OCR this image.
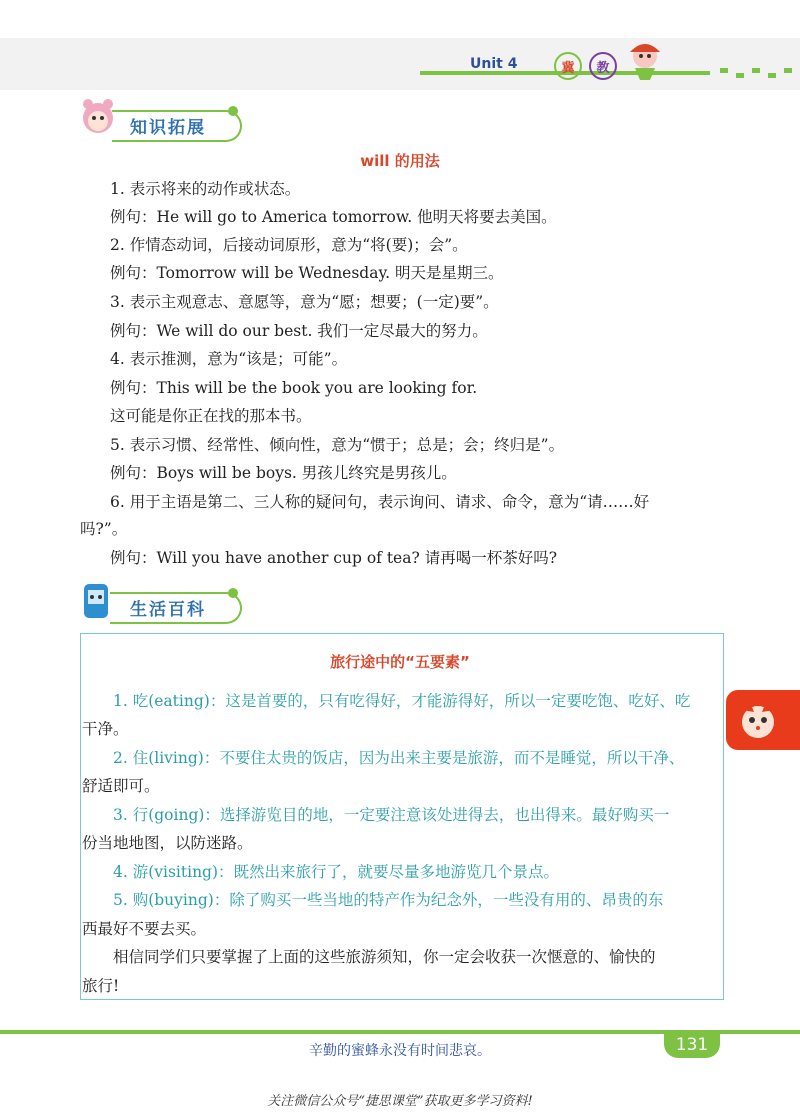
Unit 4	冀	教
知识拓展
will 的用法
1. 表示将来的动作或状态。
例句：He will go to America tomorrow. 他明天将要去美国。
2. 作情态动词，后接动词原形，意为“将(要)；会”。
例句：Tomorrow will be Wednesday. 明天是星期三。
3. 表示主观意志、意愿等，意为“愿；想要；(一定)要”。
例句：We will do our best. 我们一定尽最大的努力。
4. 表示推测，意为“该是；可能”。
例句：This will be the book you are looking for.
这可能是你正在找的那本书。
5. 表示习惯、经常性、倾向性，意为“惯于；总是；会；终归是”。
例句：Boys will be boys. 男孩儿终究是男孩儿。
6. 用于主语是第二、三人称的疑问句，表示询问、请求、命令，意为“请……好
吗?”。
例句：Will you have another cup of tea? 请再喝一杯茶好吗?
生活百科
旅行途中的“五要素”
1. 吃(eating)：这是首要的，只有吃得好，才能游得好，所以一定要吃饱、吃好、吃
干净。
2. 住(living)：不要住太贵的饭店，因为出来主要是旅游，而不是睡觉，所以干净、
舒适即可。
3. 行(going)：选择游览目的地，一定要注意该处进得去，也出得来。最好购买一
份当地地图，以防迷路。
4. 游(visiting)：既然出来旅行了，就要尽量多地游览几个景点。
5. 购(buying)：除了购买一些当地的特产作为纪念外，一些没有用的、昂贵的东
西最好不要去买。
相信同学们只要掌握了上面的这些旅游须知，你一定会收获一次惬意的、愉快的
旅行!
辛勤的蜜蜂永没有时间悲哀。	131
关注微信公众号“捷思课堂”获取更多学习资料!
